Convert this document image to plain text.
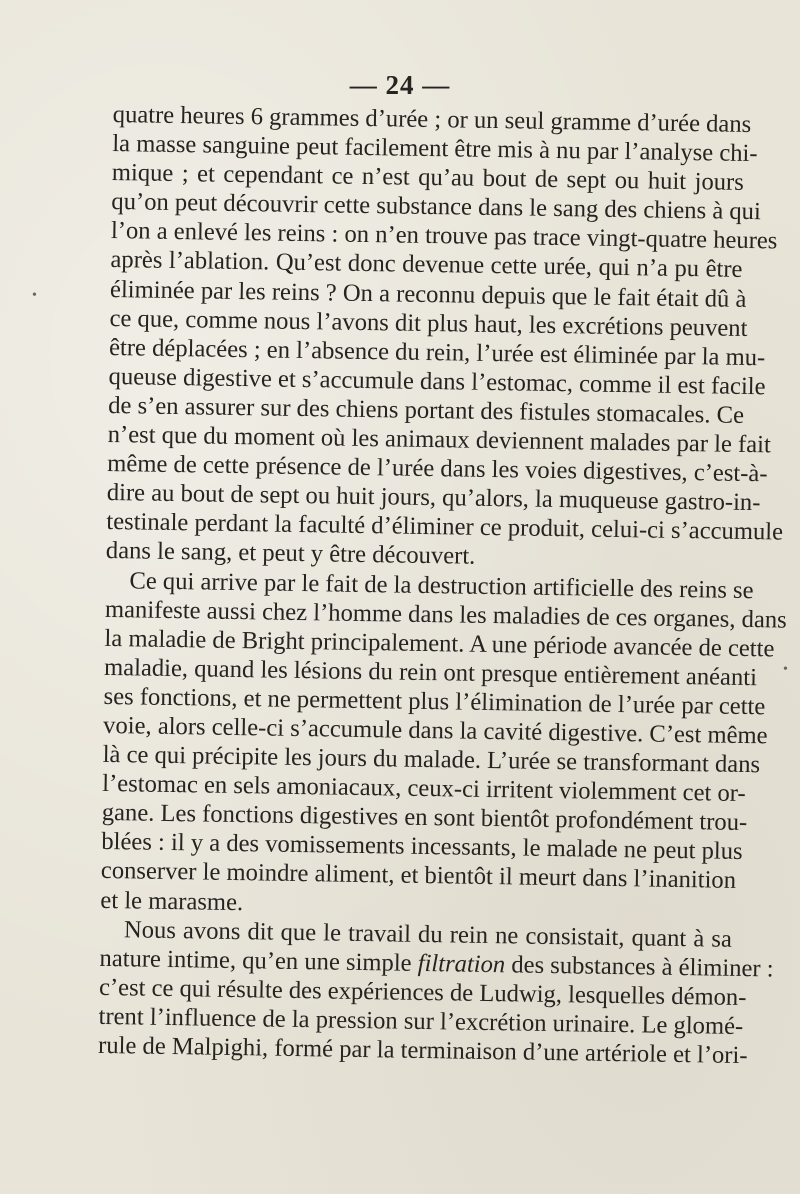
— 24 —
quatre heures 6 grammes d’urée ; or un seul gramme d’urée dans
la masse sanguine peut facilement être mis à nu par l’analyse chi-
mique ; et cependant ce n’est qu’au bout de sept ou huit jours
qu’on peut découvrir cette substance dans le sang des chiens à qui
l’on a enlevé les reins : on n’en trouve pas trace vingt-quatre heures
après l’ablation. Qu’est donc devenue cette urée, qui n’a pu être
éliminée par les reins ? On a reconnu depuis que le fait était dû à
ce que, comme nous l’avons dit plus haut, les excrétions peuvent
être déplacées ; en l’absence du rein, l’urée est éliminée par la mu-
queuse digestive et s’accumule dans l’estomac, comme il est facile
de s’en assurer sur des chiens portant des fistules stomacales. Ce
n’est que du moment où les animaux deviennent malades par le fait
même de cette présence de l’urée dans les voies digestives, c’est-à-
dire au bout de sept ou huit jours, qu’alors, la muqueuse gastro-in-
testinale perdant la faculté d’éliminer ce produit, celui-ci s’accumule
dans le sang, et peut y être découvert.
Ce qui arrive par le fait de la destruction artificielle des reins se
manifeste aussi chez l’homme dans les maladies de ces organes, dans
la maladie de Bright principalement. A une période avancée de cette
maladie, quand les lésions du rein ont presque entièrement anéanti
ses fonctions, et ne permettent plus l’élimination de l’urée par cette
voie, alors celle-ci s’accumule dans la cavité digestive. C’est même
là ce qui précipite les jours du malade. L’urée se transformant dans
l’estomac en sels amoniacaux, ceux-ci irritent violemment cet or-
gane. Les fonctions digestives en sont bientôt profondément trou-
blées : il y a des vomissements incessants, le malade ne peut plus
conserver le moindre aliment, et bientôt il meurt dans l’inanition
et le marasme.
Nous avons dit que le travail du rein ne consistait, quant à sa
nature intime, qu’en une simple filtration des substances à éliminer :
c’est ce qui résulte des expériences de Ludwig, lesquelles démon-
trent l’influence de la pression sur l’excrétion urinaire. Le glomé-
rule de Malpighi, formé par la terminaison d’une artériole et l’ori-
•
•
